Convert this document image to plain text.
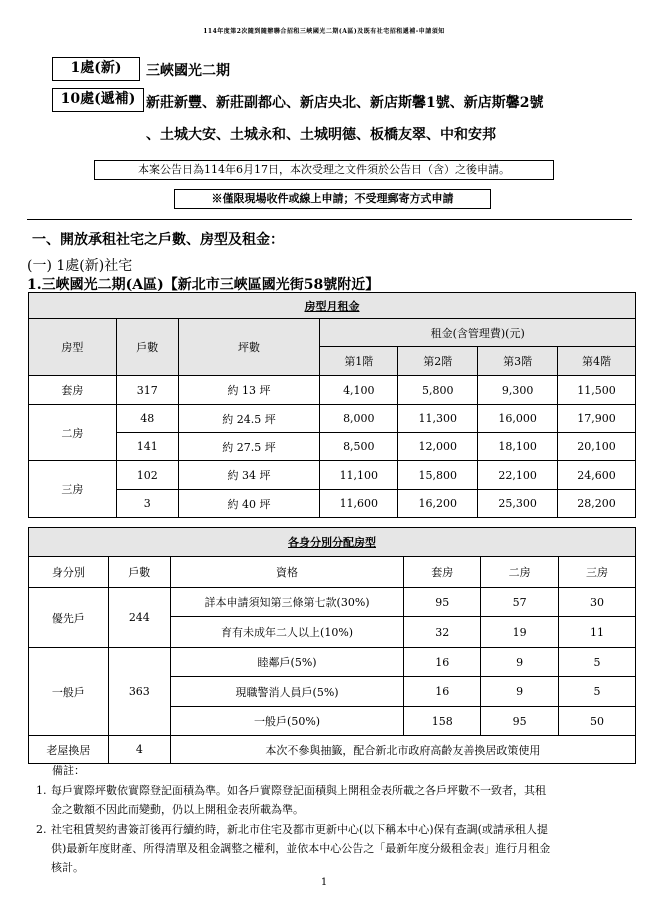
114年度第2次隨到隨辦聯合招租三峽國光二期(A區)及既有社宅招租遞補-申請須知
1處(新)	三峽國光二期
10處(遞補) 新莊新豐、新莊副都心、新店央北、新店斯馨1號、新店斯馨2號
、土城大安、土城永和、土城明德、板橋友翠、中和安邦
本案公告日為114年6月17日，本次受理之文件須於公告日（含）之後申請。
※僅限現場收件或線上申請；不受理郵寄方式申請
一、開放承租社宅之戶數、房型及租金：
(一) 1處(新)社宅
1.三峽國光二期(A區)【新北市三峽區國光街58號附近】
房型月租金						
房型	戶數	坪數	租金(含管理費)(元)			
			第1階	第2階	第3階	第4階
套房	317	約 13 坪	4,100	5,800	9,300	11,500
二房	48	約 24.5 坪	8,000	11,300	16,000	17,900
	141	約 27.5 坪	8,500	12,000	18,100	20,100
三房	102	約 34 坪	11,100	15,800	22,100	24,600
	3	約 40 坪	11,600	16,200	25,300	28,200
各身分別分配房型					
身分別	戶數	資格	套房	二房	三房
優先戶	244	詳本申請須知第三條第七款(30%)	95	57	30
		育有未成年二人以上(10%)	32	19	11
一般戶	363	睦鄰戶(5%)	16	9	5
		現職警消人員戶(5%)	16	9	5
		一般戶(50%)	158	95	50
老屋換居	4	本次不參與抽籤，配合新北市政府高齡友善換居政策使用			
備註：
1. 每戶實際坪數依實際登記面積為準。如各戶實際登記面積與上開租金表所載之各戶坪數不一致者，其租
金之數額不因此而變動，仍以上開租金表所載為準。
2. 社宅租賃契約書簽訂後再行續約時，新北市住宅及都市更新中心(以下稱本中心)保有查調(或請承租人提
供)最新年度財產、所得清單及租金調整之權利，並依本中心公告之「最新年度分級租金表」進行月租金
核計。
1
